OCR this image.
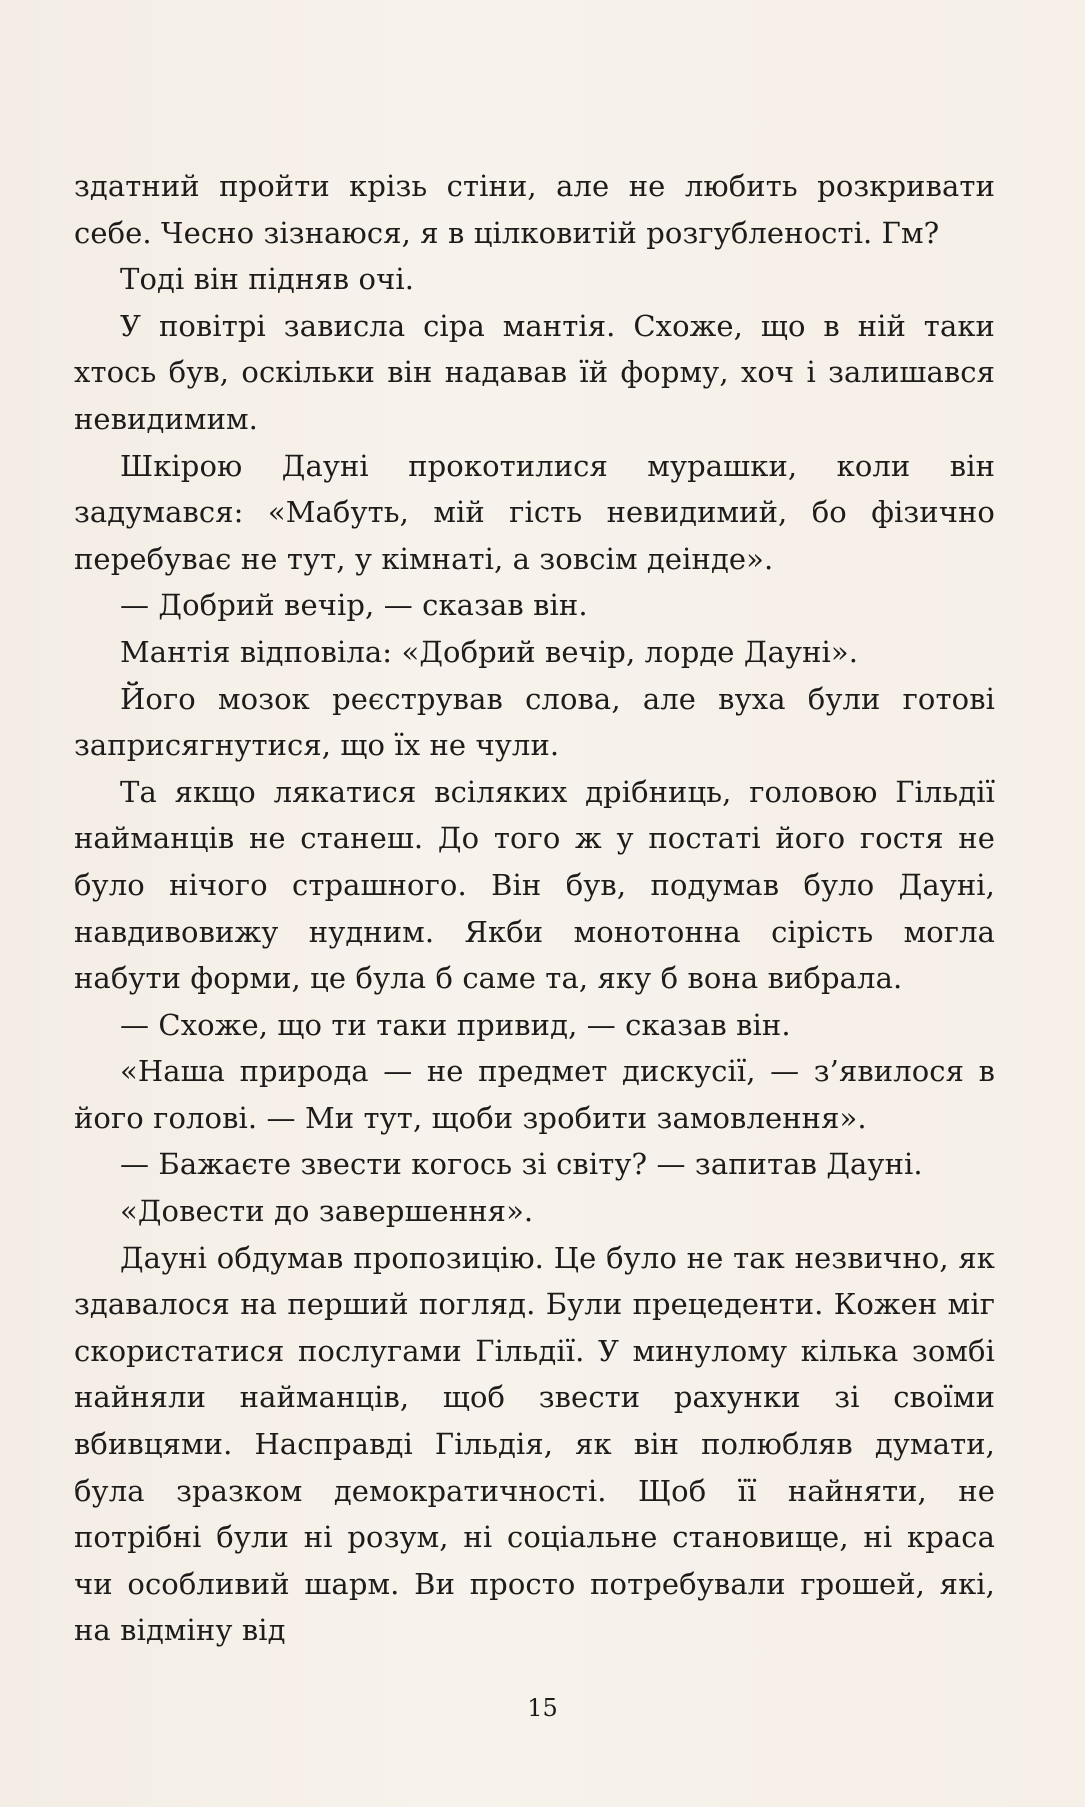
здатний пройти крізь стіни, але не любить розкривати себе. Чесно зізнаюся, я в цілковитій розгубленості. Гм?

Тоді він підняв очі.

У повітрі зависла сіра мантія. Схоже, що в ній таки хтось був, оскільки він надавав їй форму, хоч і залишався невидимим.

Шкірою Дауні прокотилися мурашки, коли він задумався: «Мабуть, мій гість невидимий, бо фізично перебуває не тут, у кімнаті, а зовсім деінде».

— Добрий вечір, — сказав він.

Мантія відповіла: «Добрий вечір, лорде Дауні».

Його мозок реєстрував слова, але вуха були готові заприсягнутися, що їх не чули.

Та якщо лякатися всіляких дрібниць, головою Гільдії найманців не станеш. До того ж у постаті його гостя не було нічого страшного. Він був, подумав було Дауні, навдивовижу нудним. Якби монотонна сірість могла набути форми, це була б саме та, яку б вона вибрала.

— Схоже, що ти таки привид, — сказав він.

«Наша природа — не предмет дискусії, — з’явилося в його голові. — Ми тут, щоби зробити замовлення».

— Бажаєте звести когось зі світу? — запитав Дауні.

«Довести до завершення».

Дауні обдумав пропозицію. Це було не так незвично, як здавалося на перший погляд. Були прецеденти. Кожен міг скористатися послугами Гільдії. У минулому кілька зомбі найняли найманців, щоб звести рахунки зі своїми вбивцями. Насправді Гільдія, як він полюбляв думати, була зразком демократичності. Щоб її найняти, не потрібні були ні розум, ні соціальне становище, ні краса чи особливий шарм. Ви просто потребували грошей, які, на відміну від

15
